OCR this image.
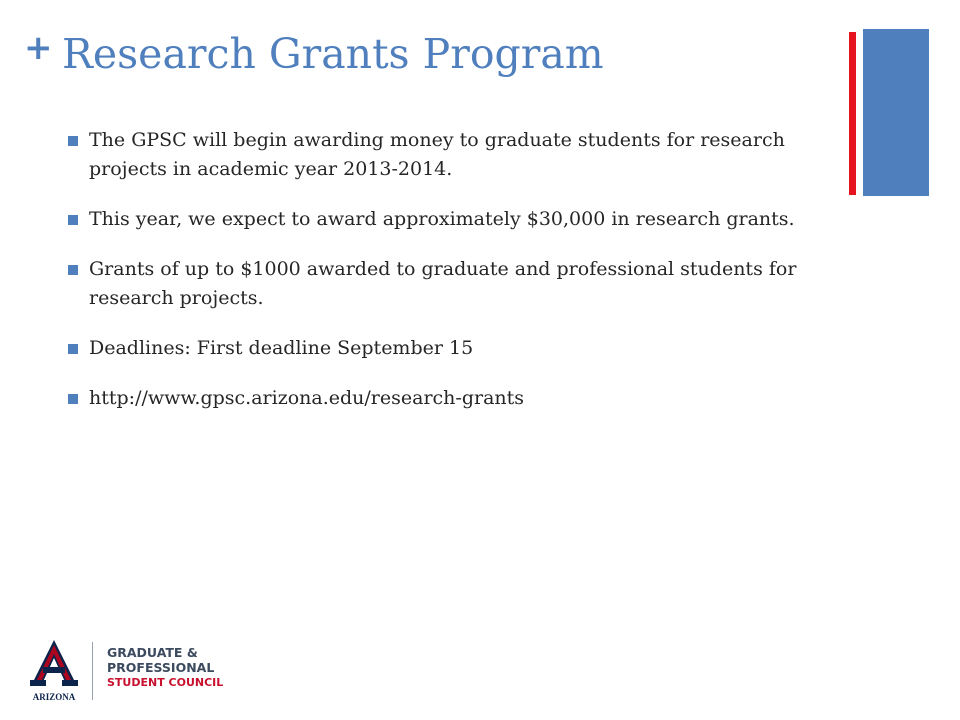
+ Research Grants Program
The GPSC will begin awarding money to graduate students for research projects in academic year 2013-2014.
This year, we expect to award approximately $30,000 in research grants.
Grants of up to $1000 awarded to graduate and professional students for research projects.
Deadlines: First deadline September 15
http://www.gpsc.arizona.edu/research-grants
ARIZONA
GRADUATE &
PROFESSIONAL
STUDENT COUNCIL
